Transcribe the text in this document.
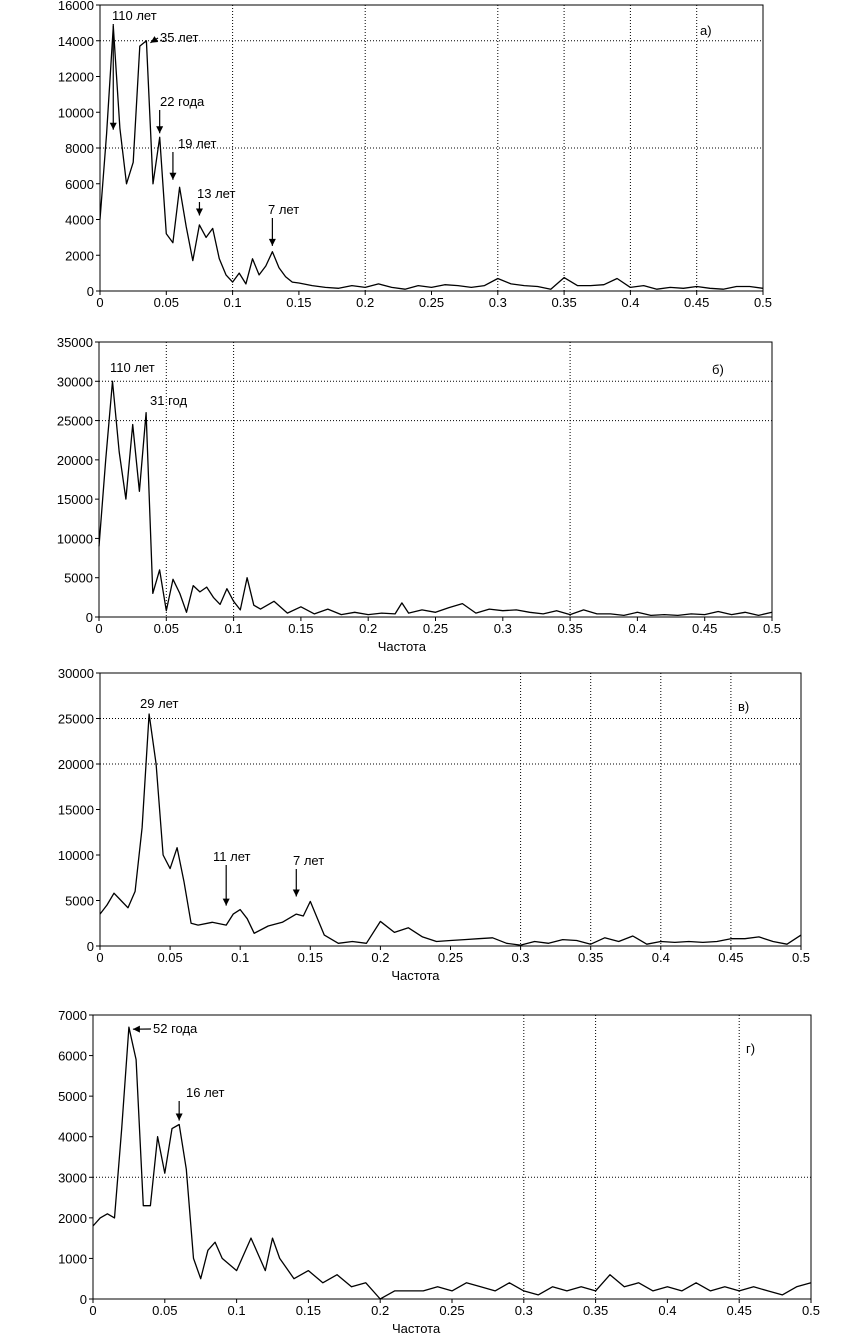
0	0.05	0.1	0.15	0.2	0.25	0.3	0.35	0.4	0.45	0.5
0
2000
4000
6000
8000
10000
12000
14000
16000
а)
110 лет
35 лет
22 года
19 лет
13 лет
7 лет
0	0.05	0.1	0.15	0.2	0.25	0.3	0.35	0.4	0.45	0.5
0
5000
10000
15000
20000
25000
30000
35000
б)
Частота
110 лет
31 год
0	0.05	0.1	0.15	0.2	0.25	0.3	0.35	0.4	0.45	0.5
0
5000
10000
15000
20000
25000
30000
в)
Частота
29 лет
11 лет	7 лет
0	0.05	0.1	0.15	0.2	0.25	0.3	0.35	0.4	0.45	0.5
0
1000
2000
3000
4000
5000
6000
7000
г)
Частота
52 года
16 лет
